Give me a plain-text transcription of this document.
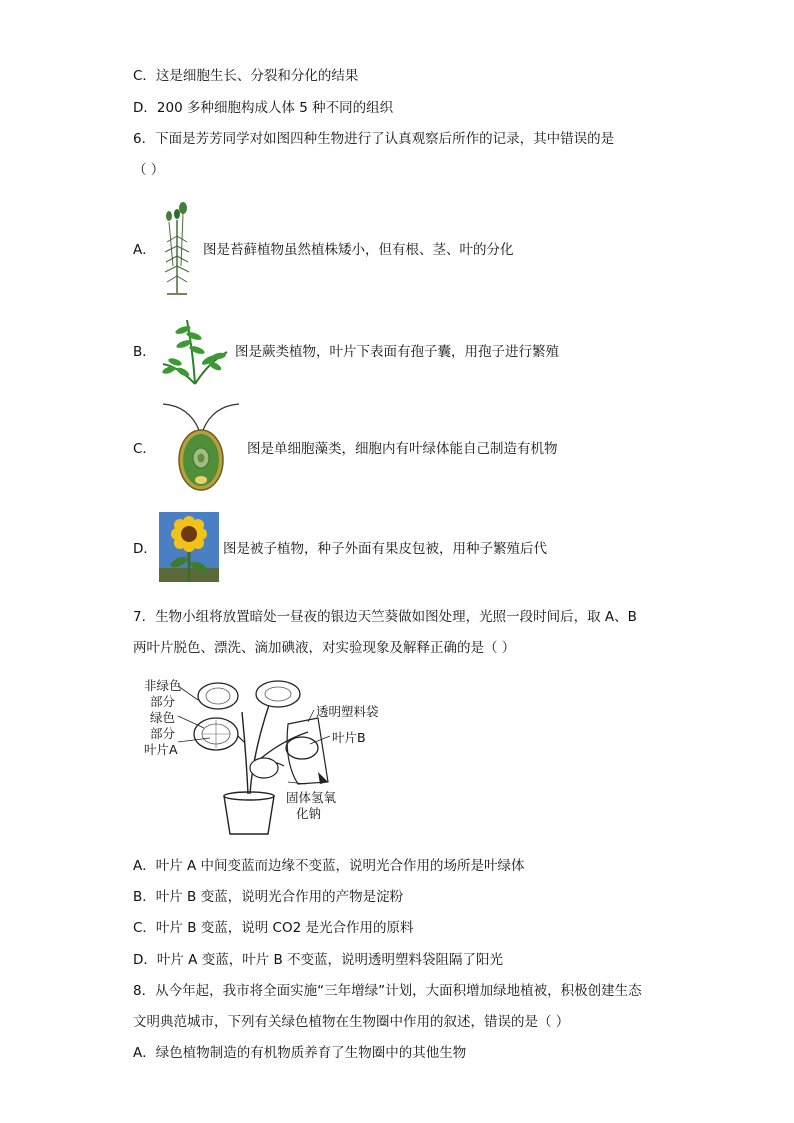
C．这是细胞生长、分裂和分化的结果
D．200 多种细胞构成人体 5 种不同的组织
6．下面是芳芳同学对如图四种生物进行了认真观察后所作的记录，其中错误的是
（ ）
A．	图是苔藓植物虽然植株矮小，但有根、茎、叶的分化
B．	图是蕨类植物，叶片下表面有孢子囊，用孢子进行繁殖
C．	图是单细胞藻类，细胞内有叶绿体能自己制造有机物
D．	图是被子植物，种子外面有果皮包被，用种子繁殖后代
7．生物小组将放置暗处一昼夜的银边天竺葵做如图处理，光照一段时间后，取 A、B
两叶片脱色、漂洗、滴加碘液，对实验现象及解释正确的是（ ）
非绿色
部分
绿色
部分
叶片A
透明塑料袋
叶片B
固体氢氧
化钠
A．叶片 A 中间变蓝而边缘不变蓝，说明光合作用的场所是叶绿体
B．叶片 B 变蓝，说明光合作用的产物是淀粉
C．叶片 B 变蓝，说明 CO2 是光合作用的原料
D．叶片 A 变蓝，叶片 B 不变蓝，说明透明塑料袋阻隔了阳光
8．从今年起，我市将全面实施“三年增绿”计划，大面积增加绿地植被，积极创建生态
文明典范城市，下列有关绿色植物在生物圈中作用的叙述，错误的是（ ）
A．绿色植物制造的有机物质养育了生物圈中的其他生物
